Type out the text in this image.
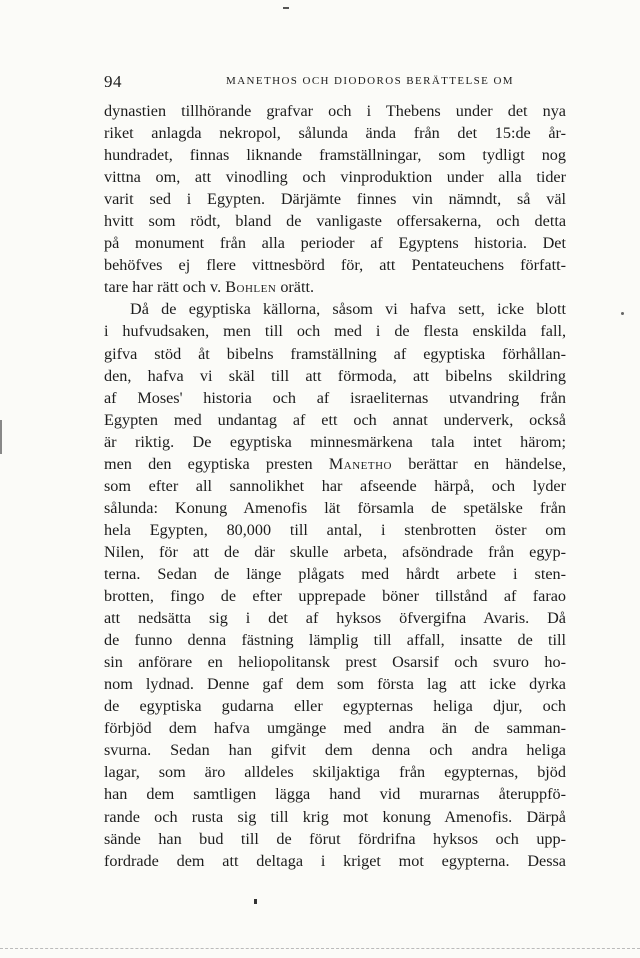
94	MANETHOS OCH DIODOROS BERÄTTELSE OM
dynastien tillhörande grafvar och i Thebens under det nya
riket anlagda nekropol, sålunda ända från det 15:de år-
hundradet, finnas liknande framställningar, som tydligt nog
vittna om, att vinodling och vinproduktion under alla tider
varit sed i Egypten. Därjämte finnes vin nämndt, så väl
hvitt som rödt, bland de vanligaste offersakerna, och detta
på monument från alla perioder af Egyptens historia. Det
behöfves ej flere vittnesbörd för, att Pentateuchens författ-
tare har rätt och v. Bohlen orätt.
Då de egyptiska källorna, såsom vi hafva sett, icke blott
i hufvudsaken, men till och med i de flesta enskilda fall,
gifva stöd åt bibelns framställning af egyptiska förhållan-
den, hafva vi skäl till att förmoda, att bibelns skildring
af Moses' historia och af israeliternas utvandring från
Egypten med undantag af ett och annat underverk, också
är riktig. De egyptiska minnesmärkena tala intet härom;
men den egyptiska presten Manetho berättar en händelse,
som efter all sannolikhet har afseende härpå, och lyder
sålunda: Konung Amenofis lät församla de spetälske från
hela Egypten, 80,000 till antal, i stenbrotten öster om
Nilen, för att de där skulle arbeta, afsöndrade från egyp-
terna. Sedan de länge plågats med hårdt arbete i sten-
brotten, fingo de efter upprepade böner tillstånd af farao
att nedsätta sig i det af hyksos öfvergifna Avaris. Då
de funno denna fästning lämplig till affall, insatte de till
sin anförare en heliopolitansk prest Osarsif och svuro ho-
nom lydnad. Denne gaf dem som första lag att icke dyrka
de egyptiska gudarna eller egypternas heliga djur, och
förbjöd dem hafva umgänge med andra än de samman-
svurna. Sedan han gifvit dem denna och andra heliga
lagar, som äro alldeles skiljaktiga från egypternas, bjöd
han dem samtligen lägga hand vid murarnas återuppfö-
rande och rusta sig till krig mot konung Amenofis. Därpå
sände han bud till de förut fördrifna hyksos och upp-
fordrade dem att deltaga i kriget mot egypterna. Dessa
